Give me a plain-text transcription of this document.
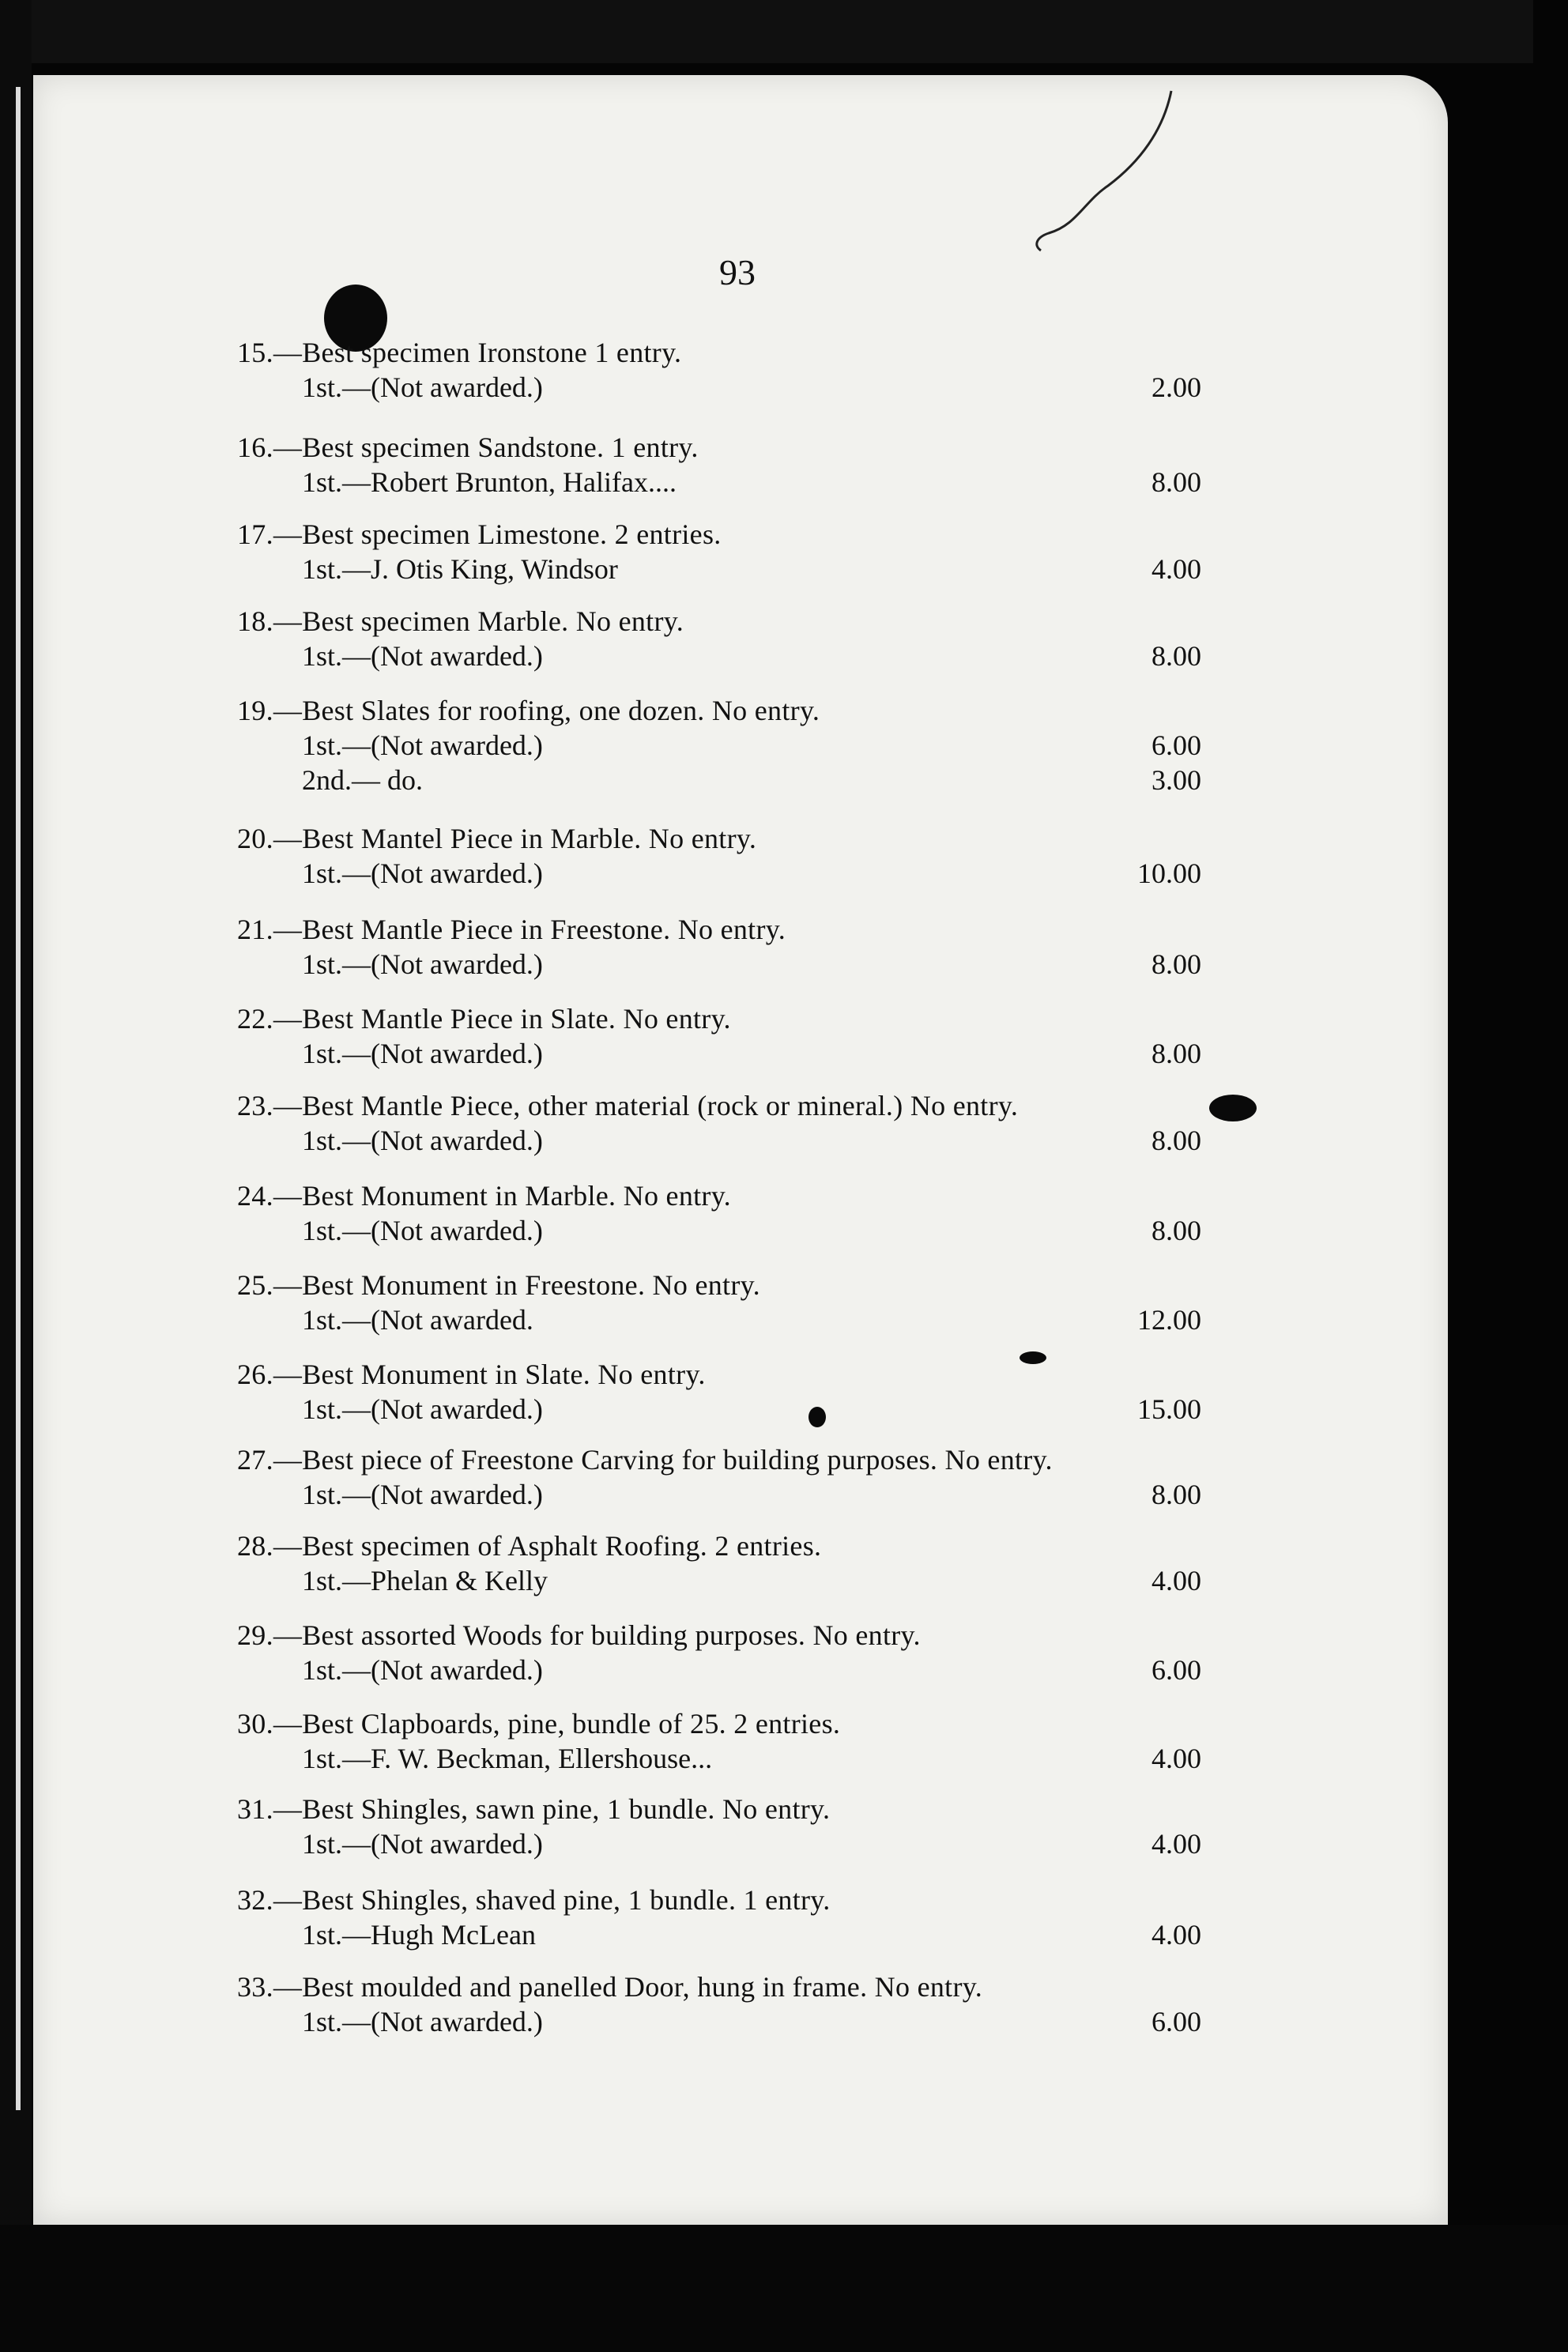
93
15.—Best specimen Ironstone 1 entry.
1st.—(Not awarded.)	2.00
16.—Best specimen Sandstone. 1 entry.
1st.—Robert Brunton, Halifax....	8.00
17.—Best specimen Limestone. 2 entries.
1st.—J. Otis King, Windsor	4.00
18.—Best specimen Marble. No entry.
1st.—(Not awarded.)	8.00
19.—Best Slates for roofing, one dozen. No entry.
1st.—(Not awarded.)	6.00
2nd.— do.	3.00
20.—Best Mantel Piece in Marble. No entry.
1st.—(Not awarded.)	10.00
21.—Best Mantle Piece in Freestone. No entry.
1st.—(Not awarded.)	8.00
22.—Best Mantle Piece in Slate. No entry.
1st.—(Not awarded.)	8.00
23.—Best Mantle Piece, other material (rock or mineral.) No entry.
1st.—(Not awarded.)	8.00
24.—Best Monument in Marble. No entry.
1st.—(Not awarded.)	8.00
25.—Best Monument in Freestone. No entry.
1st.—(Not awarded.	12.00
26.—Best Monument in Slate. No entry.
1st.—(Not awarded.)	15.00
27.—Best piece of Freestone Carving for building purposes. No entry.
1st.—(Not awarded.)	8.00
28.—Best specimen of Asphalt Roofing. 2 entries.
1st.—Phelan & Kelly	4.00
29.—Best assorted Woods for building purposes. No entry.
1st.—(Not awarded.)	6.00
30.—Best Clapboards, pine, bundle of 25. 2 entries.
1st.—F. W. Beckman, Ellershouse...	4.00
31.—Best Shingles, sawn pine, 1 bundle. No entry.
1st.—(Not awarded.)	4.00
32.—Best Shingles, shaved pine, 1 bundle. 1 entry.
1st.—Hugh McLean	4.00
33.—Best moulded and panelled Door, hung in frame. No entry.
1st.—(Not awarded.)	6.00
